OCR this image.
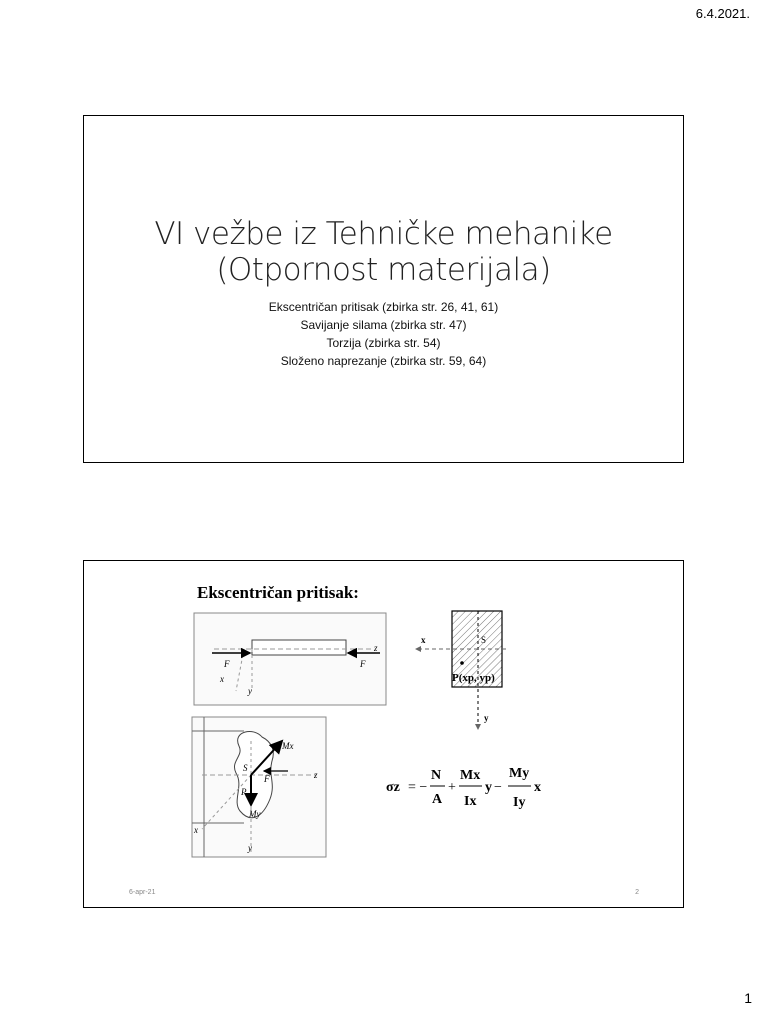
6.4.2021.
VI vežbe iz Tehničke mehanike
(Otpornost materijala)
Ekscentričan pritisak (zbirka str. 26, 41, 61)
Savijanje silama (zbirka str. 47)
Torzija (zbirka str. 54)
Složeno naprezanje (zbirka str. 59, 64)
Ekscentričan pritisak:
F	F
x
y
z
Mx
My
S
F
P
x
y
z
x	S
P(xp, yp)
y
σz = −
N
A
+
Mx
Ix
y −
My
Iy
x
6-apr-21	2
1
